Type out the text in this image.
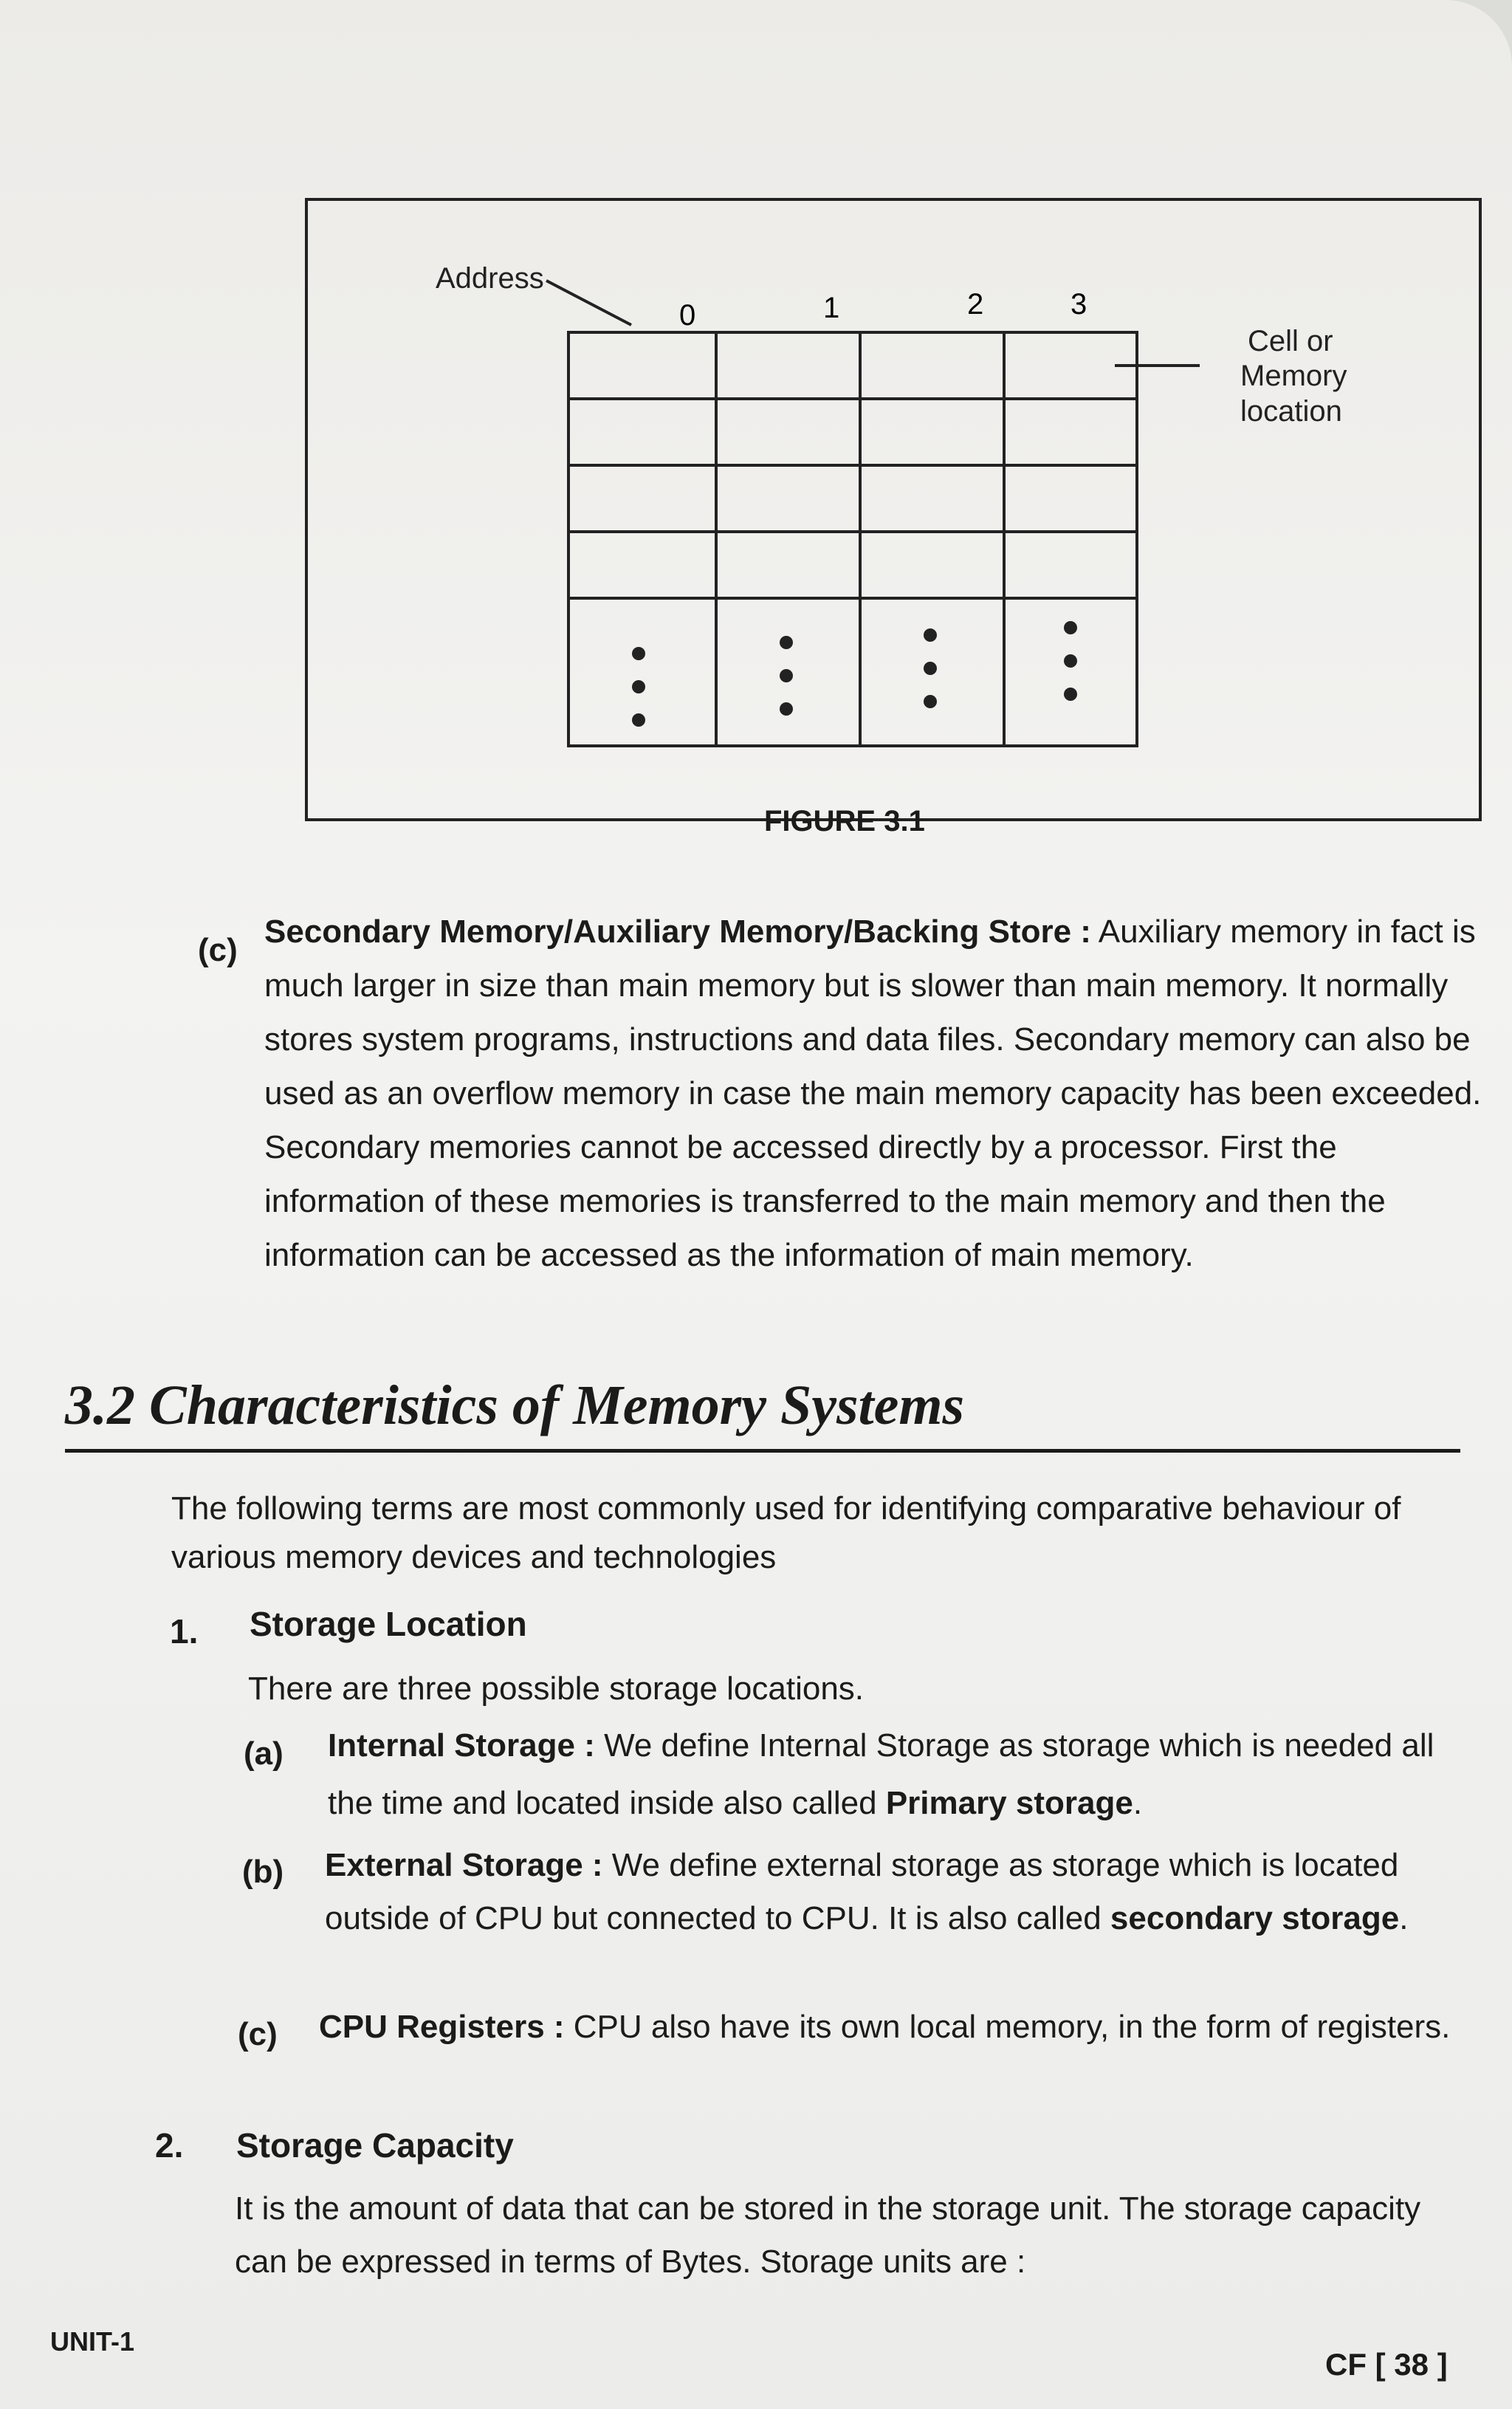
Address
0	1	2	3
Cell or Memory location
FIGURE 3.1
(c)

Secondary Memory/Auxiliary Memory/Backing Store : Auxiliary memory in fact is much larger in size than main memory but is slower than main memory. It normally stores system programs, instructions and data files. Secondary memory can also be used as an overflow memory in case the main memory capacity has been exceeded. Secondary memories cannot be accessed directly by a processor. First the information of these memories is transferred to the main memory and then the information can be accessed as the information of main memory.

3.2 Characteristics of Memory Systems

The following terms are most commonly used for identifying comparative behaviour of various memory devices and technologies

1. Storage Location

There are three possible storage locations.

(a) Internal Storage : We define Internal Storage as storage which is needed all the time and located inside also called Primary storage.

(b) External Storage : We define external storage as storage which is located outside of CPU but connected to CPU. It is also called secondary storage.

(c) CPU Registers : CPU also have its own local memory, in the form of registers.

2. Storage Capacity

It is the amount of data that can be stored in the storage unit. The storage capacity can be expressed in terms of Bytes. Storage units are :

UNIT-1
CF [ 38 ]
